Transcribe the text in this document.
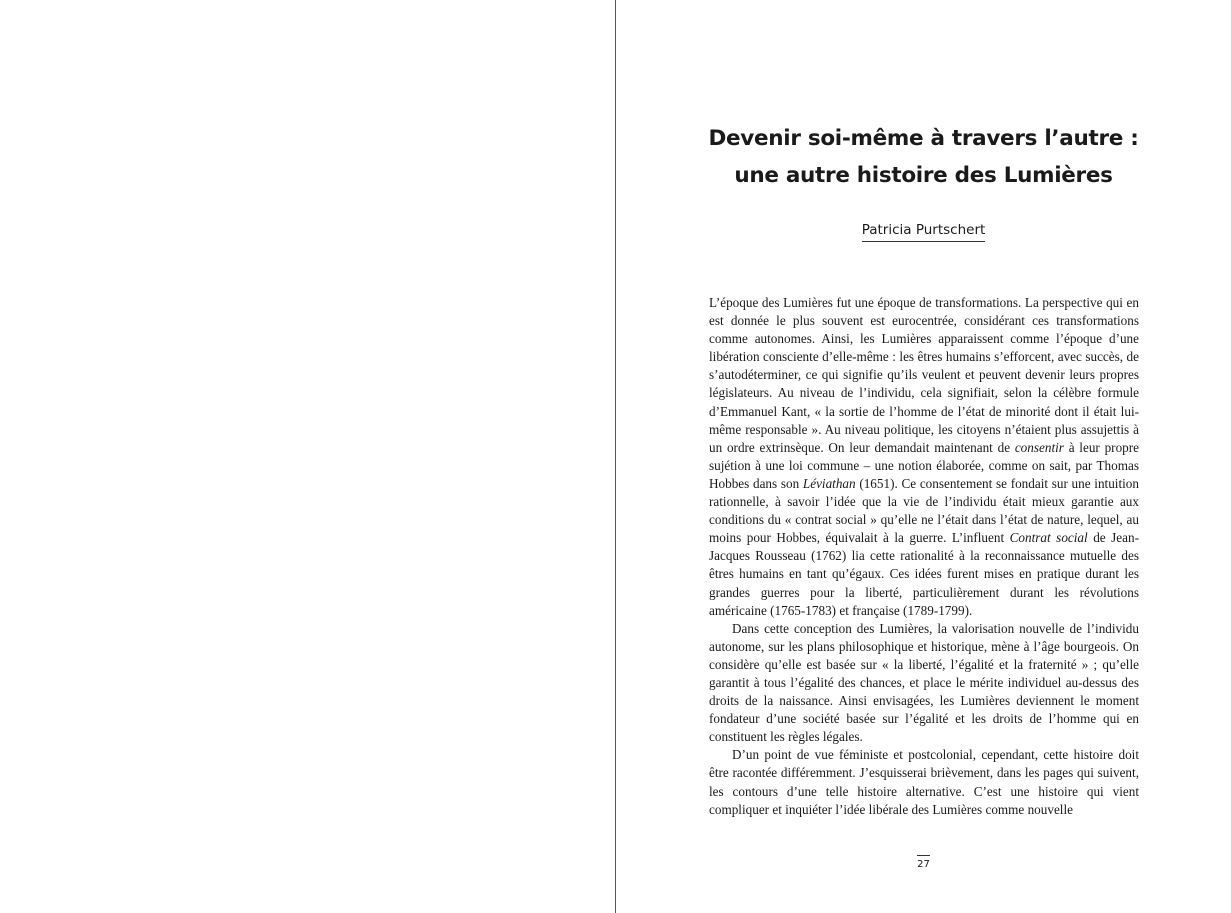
Devenir soi-même à travers l’autre :
une autre histoire des Lumières
Patricia Purtschert

L’époque des Lumières fut une époque de transformations. La perspective qui en est donnée le plus souvent est eurocentrée, considérant ces transformations comme autonomes. Ainsi, les Lumières apparaissent comme l’époque d’une libération consciente d’elle-même : les êtres humains s’efforcent, avec succès, de s’autodéterminer, ce qui signifie qu’ils veulent et peuvent devenir leurs propres législateurs. Au niveau de l’individu, cela signifiait, selon la célèbre formule d’Emmanuel Kant, « la sortie de l’homme de l’état de minorité dont il était lui-même responsable ». Au niveau politique, les citoyens n’étaient plus assujettis à un ordre extrinsèque. On leur demandait maintenant de consentir à leur propre sujétion à une loi commune – une notion élaborée, comme on sait, par Thomas Hobbes dans son Léviathan (1651). Ce consentement se fondait sur une intuition rationnelle, à savoir l’idée que la vie de l’individu était mieux garantie aux conditions du « contrat social » qu’elle ne l’était dans l’état de nature, lequel, au moins pour Hobbes, équivalait à la guerre. L’influent Contrat social de Jean-Jacques Rousseau (1762) lia cette rationalité à la reconnaissance mutuelle des êtres humains en tant qu’égaux. Ces idées furent mises en pratique durant les grandes guerres pour la liberté, particulièrement durant les révolutions américaine (1765-1783) et française (1789-1799).

Dans cette conception des Lumières, la valorisation nouvelle de l’individu autonome, sur les plans philosophique et historique, mène à l’âge bourgeois. On considère qu’elle est basée sur « la liberté, l’égalité et la fraternité » ; qu’elle garantit à tous l’égalité des chances, et place le mérite individuel au-dessus des droits de la naissance. Ainsi envisagées, les Lumières deviennent le moment fondateur d’une société basée sur l’égalité et les droits de l’homme qui en constituent les règles légales.

D’un point de vue féministe et postcolonial, cependant, cette histoire doit être racontée différemment. J’esquisserai brièvement, dans les pages qui suivent, les contours d’une telle histoire alternative. C’est une histoire qui vient compliquer et inquiéter l’idée libérale des Lumières comme nouvelle

27
